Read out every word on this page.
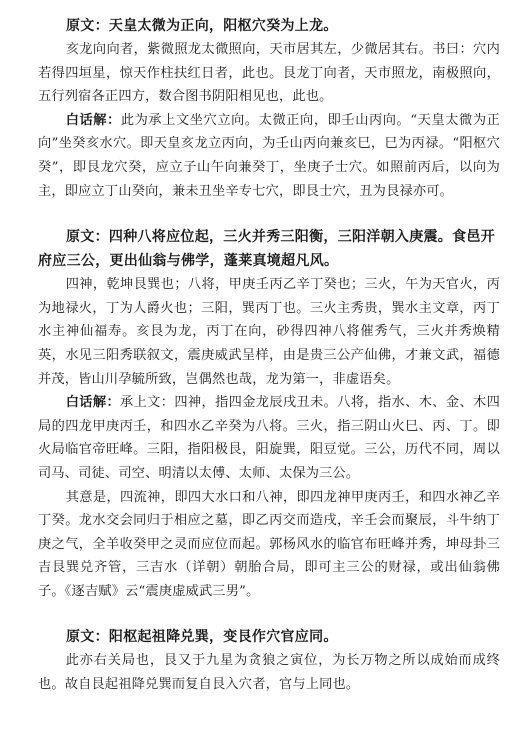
原文：天皇太微为正向，阳枢穴癸为上龙。

亥龙向向者，紫微照龙太微照向，天市居其左，少微居其右。书曰：穴内若得四垣星，惊天作柱扶红日者，此也。艮龙丁向者，天市照龙，南极照向，五行列宿各正四方，数合图书阴阳相见也，此也。

白话解：此为承上文坐穴立向。太微正向，即壬山丙向。“天皇太微为正向”坐癸亥水穴。即天皇亥龙立丙向，为壬山丙向兼亥巳，巳为丙禄。“阳枢穴癸”，即艮龙穴癸，应立子山午向兼癸丁，坐庚子士穴。如照前丙后，以向为主，即应立丁山癸向，兼未丑坐辛专七穴，即艮士穴，丑为艮禄亦可。

原文：四种八将应位起，三火并秀三阳衡，三阳洋朝入庚震。食邑开府应三公，更出仙翁与佛学，蓬莱真境超凡风。

四神，乾坤艮巽也；八将，甲庚壬丙乙辛丁癸也；三火，午为天官火，丙为地禄火，丁为人爵火也；三阳，巽丙丁也。三火主秀贵，巽水主文章，丙丁水主神仙福寿。亥艮为龙，丙丁在向，砂得四神八将催秀气，三火并秀焕精英，水见三阳秀联叙文，震庚威武呈样，由是贵三公产仙佛，才兼文武，福德并茂，皆山川孕毓所致，岂偶然也哉，龙为第一，非虚语矣。

白话解：承上文：四神，指四金龙辰戌丑未。八将，指水、木、金、木四局的四龙甲庚丙壬，和四水乙辛癸为八将。三火，指三阴山火巳、丙、丁。即火局临官帝旺峰。三阳，指阳极艮，阳旋巽，阳豆觉。三公，历代不同，周以司马、司徒、司空、明清以太傅、太师、太保为三公。

其意是，四流神，即四大水口和八神，即四龙神甲庚丙壬，和四水神乙辛丁癸。龙水交会同归于相应之墓，即乙丙交而造戌，辛壬会而聚辰，斗牛纳丁庚之气，全羊收癸甲之灵而应位而起。郭杨风水的临官布旺峰并秀，坤母卦三吉艮巽兑齐管，三吉水（详朝）朝胎合局，即可主三公的财禄，或出仙翁佛子。《逐吉赋》云“震庚虚威武三男”。

原文：阳枢起祖降兑巽，变艮作穴官应同。

此亦右关局也，艮又于九星为贪狼之寅位，为长万物之所以成始而成终也。故自艮起祖降兑巽而复自艮入穴者，官与上同也。
